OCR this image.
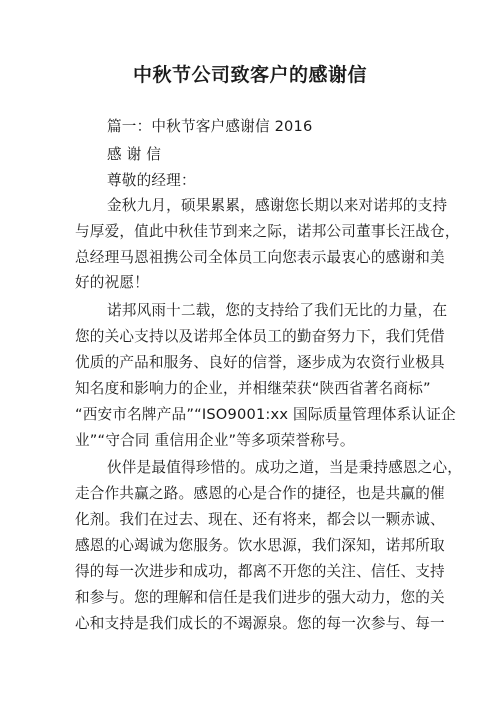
中秋节公司致客户的感谢信

篇一：中秋节客户感谢信 2016

感 谢 信

尊敬的经理：

金秋九月，硕果累累，感谢您长期以来对诺邦的支持

与厚爱，值此中秋佳节到来之际，诺邦公司董事长汪战仓，

总经理马恩祖携公司全体员工向您表示最衷心的感谢和美

好的祝愿！

诺邦风雨十二载，您的支持给了我们无比的力量，在

您的关心支持以及诺邦全体员工的勤奋努力下，我们凭借

优质的产品和服务、良好的信誉，逐步成为农资行业极具

知名度和影响力的企业，并相继荣获“陕西省著名商标”

“西安市名牌产品”“ISO9001:xx 国际质量管理体系认证企

业”“守合同 重信用企业”等多项荣誉称号。

伙伴是最值得珍惜的。成功之道，当是秉持感恩之心，

走合作共赢之路。感恩的心是合作的捷径，也是共赢的催

化剂。我们在过去、现在、还有将来，都会以一颗赤诚、

感恩的心竭诚为您服务。饮水思源，我们深知，诺邦所取

得的每一次进步和成功，都离不开您的关注、信任、支持

和参与。您的理解和信任是我们进步的强大动力，您的关

心和支持是我们成长的不竭源泉。您的每一次参与、每一
